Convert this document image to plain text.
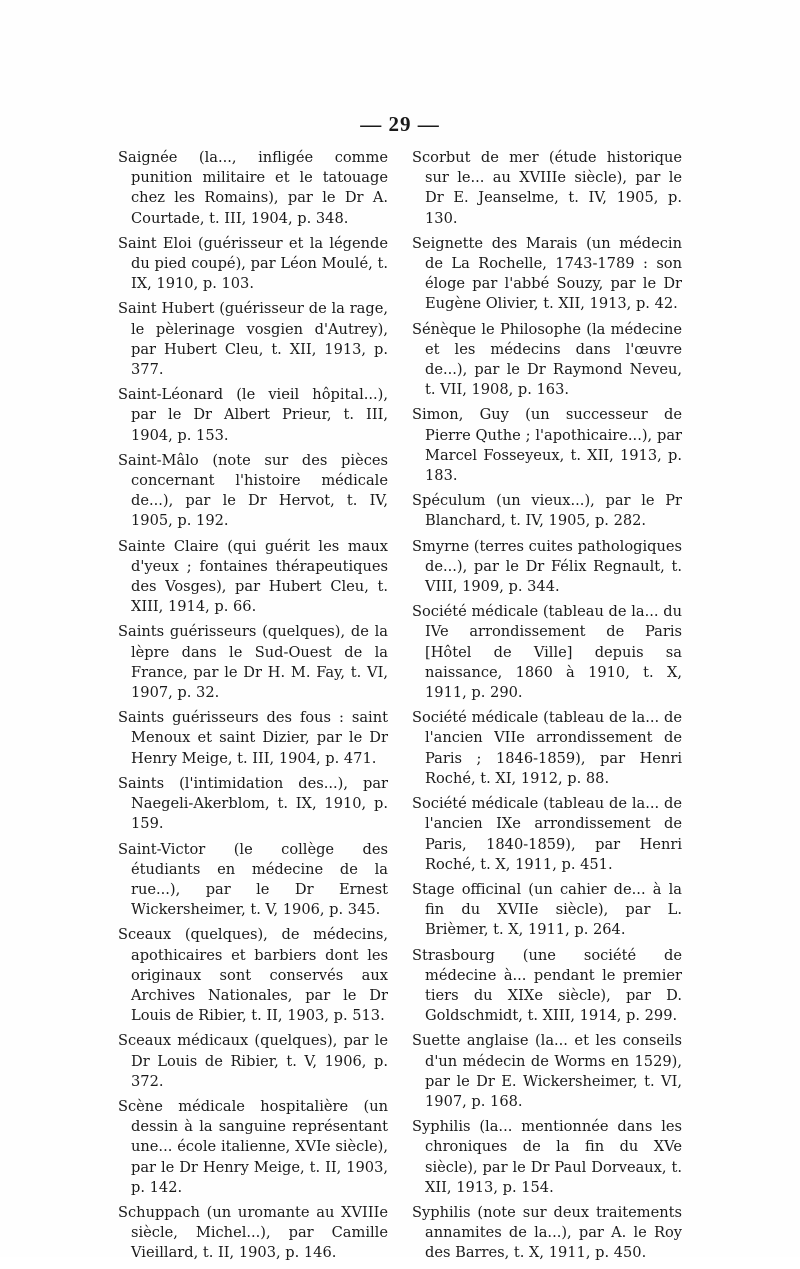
— 29 —

Saignée (la..., infligée comme punition militaire et le tatouage chez les Romains), par le Dr A. Courtade, t. III, 1904, p. 348.

Saint Eloi (guérisseur et la légende du pied coupé), par Léon Moulé, t. IX, 1910, p. 103.

Saint Hubert (guérisseur de la rage, le pèlerinage vosgien d'Autrey), par Hubert Cleu, t. XII, 1913, p. 377.

Saint-Léonard (le vieil hôpital...), par le Dr Albert Prieur, t. III, 1904, p. 153.

Saint-Mâlo (note sur des pièces concernant l'histoire médicale de...), par le Dr Hervot, t. IV, 1905, p. 192.

Sainte Claire (qui guérit les maux d'yeux ; fontaines thérapeutiques des Vosges), par Hubert Cleu, t. XIII, 1914, p. 66.

Saints guérisseurs (quelques), de la lèpre dans le Sud-Ouest de la France, par le Dr H. M. Fay, t. VI, 1907, p. 32.

Saints guérisseurs des fous : saint Menoux et saint Dizier, par le Dr Henry Meige, t. III, 1904, p. 471.

Saints (l'intimidation des...), par Naegeli-Akerblom, t. IX, 1910, p. 159.

Saint-Victor (le collège des étudiants en médecine de la rue...), par le Dr Ernest Wickersheimer, t. V, 1906, p. 345.

Sceaux (quelques), de médecins, apothicaires et barbiers dont les originaux sont conservés aux Archives Nationales, par le Dr Louis de Ribier, t. II, 1903, p. 513.

Sceaux médicaux (quelques), par le Dr Louis de Ribier, t. V, 1906, p. 372.

Scène médicale hospitalière (un dessin à la sanguine représentant une... école italienne, XVIe siècle), par le Dr Henry Meige, t. II, 1903, p. 142.

Schuppach (un uromante au XVIIIe siècle, Michel...), par Camille Vieillard, t. II, 1903, p. 146.

Scorbut de mer (étude historique sur le... au XVIIIe siècle), par le Dr E. Jeanselme, t. IV, 1905, p. 130.

Seignette des Marais (un médecin de La Rochelle, 1743-1789 : son éloge par l'abbé Souzy, par le Dr Eugène Olivier, t. XII, 1913, p. 42.

Sénèque le Philosophe (la médecine et les médecins dans l'œuvre de...), par le Dr Raymond Neveu, t. VII, 1908, p. 163.

Simon, Guy (un successeur de Pierre Quthe ; l'apothicaire...), par Marcel Fosseyeux, t. XII, 1913, p. 183.

Spéculum (un vieux...), par le Pr Blanchard, t. IV, 1905, p. 282.

Smyrne (terres cuites pathologiques de...), par le Dr Félix Regnault, t. VIII, 1909, p. 344.

Société médicale (tableau de la... du IVe arrondissement de Paris [Hôtel de Ville] depuis sa naissance, 1860 à 1910, t. X, 1911, p. 290.

Société médicale (tableau de la... de l'ancien VIIe arrondissement de Paris ; 1846-1859), par Henri Roché, t. XI, 1912, p. 88.

Société médicale (tableau de la... de l'ancien IXe arrondissement de Paris, 1840-1859), par Henri Roché, t. X, 1911, p. 451.

Stage officinal (un cahier de... à la fin du XVIIe siècle), par L. Brièmer, t. X, 1911, p. 264.

Strasbourg (une société de médecine à... pendant le premier tiers du XIXe siècle), par D. Goldschmidt, t. XIII, 1914, p. 299.

Suette anglaise (la... et les conseils d'un médecin de Worms en 1529), par le Dr E. Wickersheimer, t. VI, 1907, p. 168.

Syphilis (la... mentionnée dans les chroniques de la fin du XVe siècle), par le Dr Paul Dorveaux, t. XII, 1913, p. 154.

Syphilis (note sur deux traitements annamites de la...), par A. le Roy des Barres, t. X, 1911, p. 450.
